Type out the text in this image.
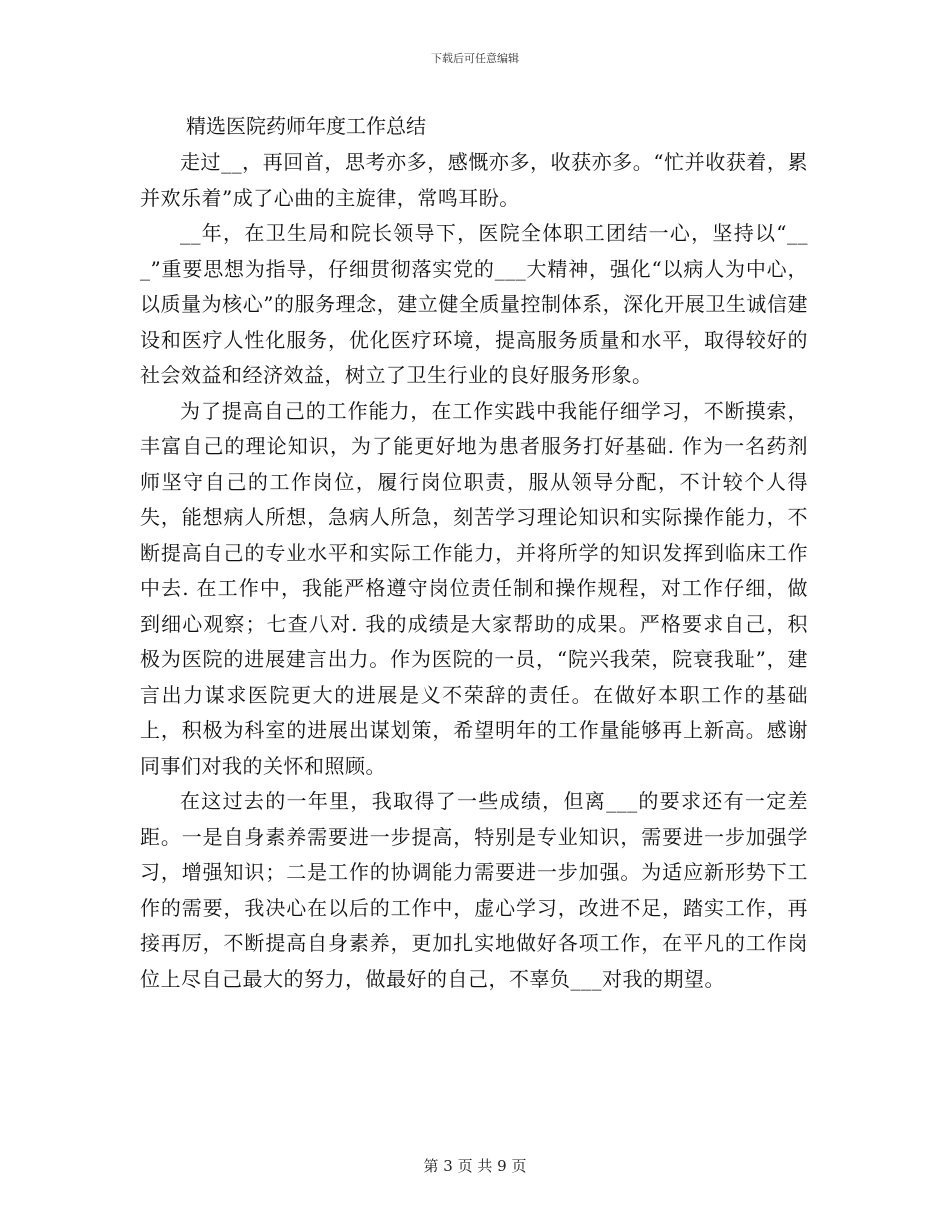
下载后可任意编辑
精选医院药师年度工作总结

走过__，再回首，思考亦多，感慨亦多，收获亦多。“忙并收获着，累并欢乐着”成了心曲的主旋律，常鸣耳盼。

__年，在卫生局和院长领导下，医院全体职工团结一心，坚持以“___”重要思想为指导，仔细贯彻落实党的___大精神，强化“以病人为中心，以质量为核心”的服务理念，建立健全质量控制体系，深化开展卫生诚信建设和医疗人性化服务，优化医疗环境，提高服务质量和水平，取得较好的社会效益和经济效益，树立了卫生行业的良好服务形象。

为了提高自己的工作能力，在工作实践中我能仔细学习，不断摸索，丰富自己的理论知识，为了能更好地为患者服务打好基础. 作为一名药剂师坚守自己的工作岗位，履行岗位职责，服从领导分配，不计较个人得失，能想病人所想，急病人所急，刻苦学习理论知识和实际操作能力，不断提高自己的专业水平和实际工作能力，并将所学的知识发挥到临床工作中去. 在工作中，我能严格遵守岗位责任制和操作规程，对工作仔细，做到细心观察；七查八对. 我的成绩是大家帮助的成果。严格要求自己，积极为医院的进展建言出力。作为医院的一员，“院兴我荣，院衰我耻”，建言出力谋求医院更大的进展是义不荣辞的责任。在做好本职工作的基础上，积极为科室的进展出谋划策，希望明年的工作量能够再上新高。感谢同事们对我的关怀和照顾。

在这过去的一年里，我取得了一些成绩，但离___的要求还有一定差距。一是自身素养需要进一步提高，特别是专业知识，需要进一步加强学习，增强知识；二是工作的协调能力需要进一步加强。为适应新形势下工作的需要，我决心在以后的工作中，虚心学习，改进不足，踏实工作，再接再厉，不断提高自身素养，更加扎实地做好各项工作，在平凡的工作岗位上尽自己最大的努力，做最好的自己，不辜负___对我的期望。

第 3 页 共 9 页
